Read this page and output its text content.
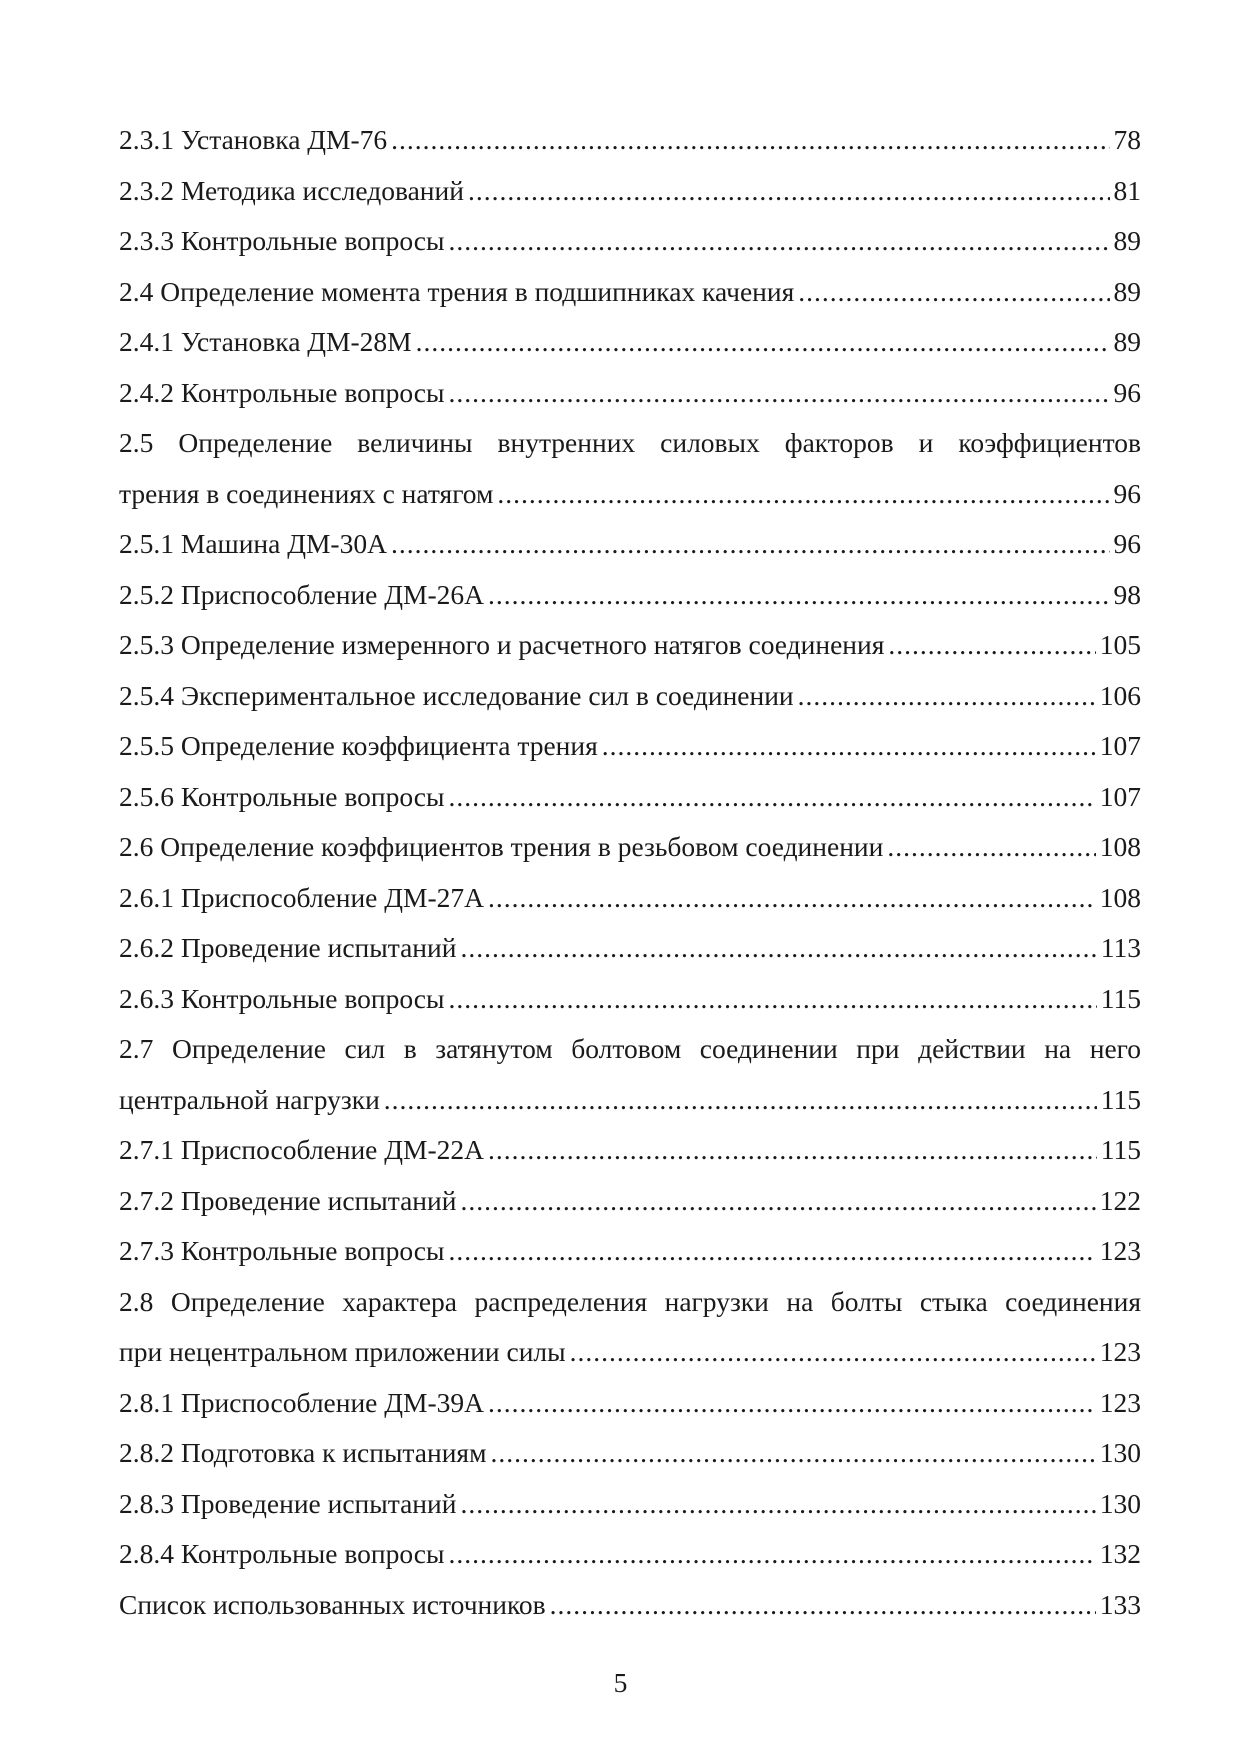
2.3.1 Установка ДМ-76 .....	78
2.3.2 Методика исследований .....	81
2.3.3 Контрольные вопросы .....	89
2.4 Определение момента трения в подшипниках качения .....	89
2.4.1 Установка ДМ-28М .....	89
2.4.2 Контрольные вопросы .....	96
2.5 Определение величины внутренних силовых факторов и коэффициентов
трения в соединениях с натягом .....	96
2.5.1 Машина ДМ-30А .....	96
2.5.2 Приспособление ДМ-26А .....	98
2.5.3 Определение измеренного и расчетного натягов соединения .....	105
2.5.4 Экспериментальное исследование сил в соединении .....	106
2.5.5 Определение коэффициента трения .....	107
2.5.6 Контрольные вопросы .....	107
2.6 Определение коэффициентов трения в резьбовом соединении .....	108
2.6.1 Приспособление ДМ-27А .....	108
2.6.2 Проведение испытаний .....	113
2.6.3 Контрольные вопросы .....	115
2.7 Определение сил в затянутом болтовом соединении при действии на него
центральной нагрузки .....	115
2.7.1 Приспособление ДМ-22А .....	115
2.7.2 Проведение испытаний .....	122
2.7.3 Контрольные вопросы .....	123
2.8 Определение характера распределения нагрузки на болты стыка соединения
при нецентральном приложении силы .....	123
2.8.1 Приспособление ДМ-39А .....	123
2.8.2 Подготовка к испытаниям .....	130
2.8.3 Проведение испытаний .....	130
2.8.4 Контрольные вопросы .....	132
Список использованных источников .....	133
5
